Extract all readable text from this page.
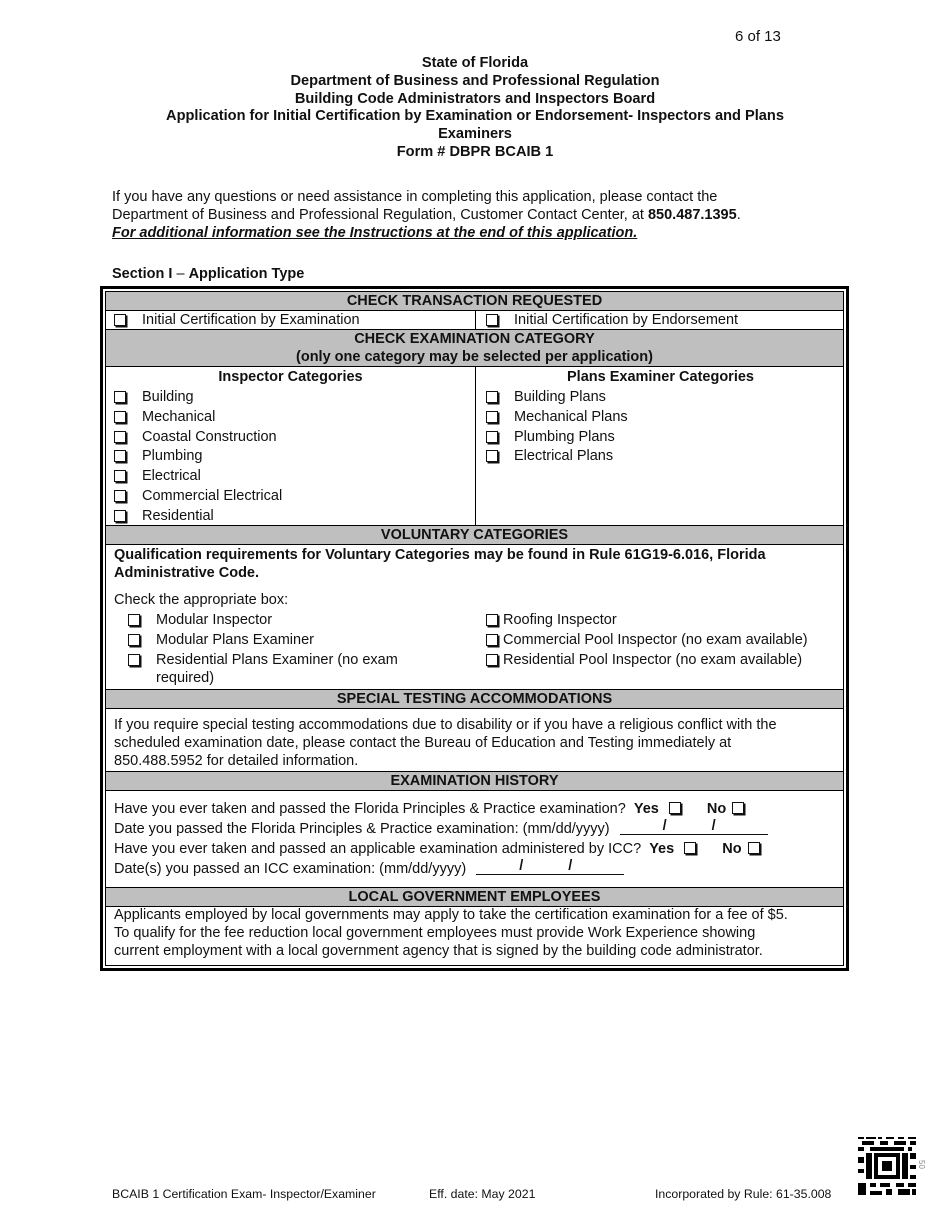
6 of 13
State of Florida
Department of Business and Professional Regulation
Building Code Administrators and Inspectors Board
Application for Initial Certification by Examination or Endorsement- Inspectors and Plans
Examiners
Form # DBPR BCAIB 1
If you have any questions or need assistance in completing this application, please contact the
Department of Business and Professional Regulation, Customer Contact Center, at 850.487.1395.
For additional information see the Instructions at the end of this application.
Section I – Application Type
CHECK TRANSACTION REQUESTED
Initial Certification by Examination	Initial Certification by Endorsement
CHECK EXAMINATION CATEGORY
(only one category may be selected per application)
Inspector Categories	Plans Examiner Categories
Building
Mechanical
Coastal Construction
Plumbing
Electrical
Commercial Electrical
Residential
Building Plans
Mechanical Plans
Plumbing Plans
Electrical Plans
VOLUNTARY CATEGORIES
Qualification requirements for Voluntary Categories may be found in Rule 61G19-6.016, Florida
Administrative Code.
Check the appropriate box:
Modular Inspector
Modular Plans Examiner
Residential Plans Examiner (no exam
required)
Roofing Inspector
Commercial Pool Inspector (no exam available)
Residential Pool Inspector (no exam available)
SPECIAL TESTING ACCOMMODATIONS
If you require special testing accommodations due to disability or if you have a religious conflict with the
scheduled examination date, please contact the Bureau of Education and Testing immediately at
850.488.5952 for detailed information.
EXAMINATION HISTORY
Have you ever taken and passed the Florida Principles & Practice examination? Yes	No
Date you passed the Florida Principles & Practice examination: (mm/dd/yyyy)	/	/
Have you ever taken and passed an applicable examination administered by ICC? Yes	No
Date(s) you passed an ICC examination: (mm/dd/yyyy)	/	/
LOCAL GOVERNMENT EMPLOYEES
Applicants employed by local governments may apply to take the certification examination for a fee of $5.
To qualify for the fee reduction local government employees must provide Work Experience showing
current employment with a local government agency that is signed by the building code administrator.
BCAIB 1 Certification Exam- Inspector/Examiner	Eff. date: May 2021	Incorporated by Rule: 61-35.008
50
